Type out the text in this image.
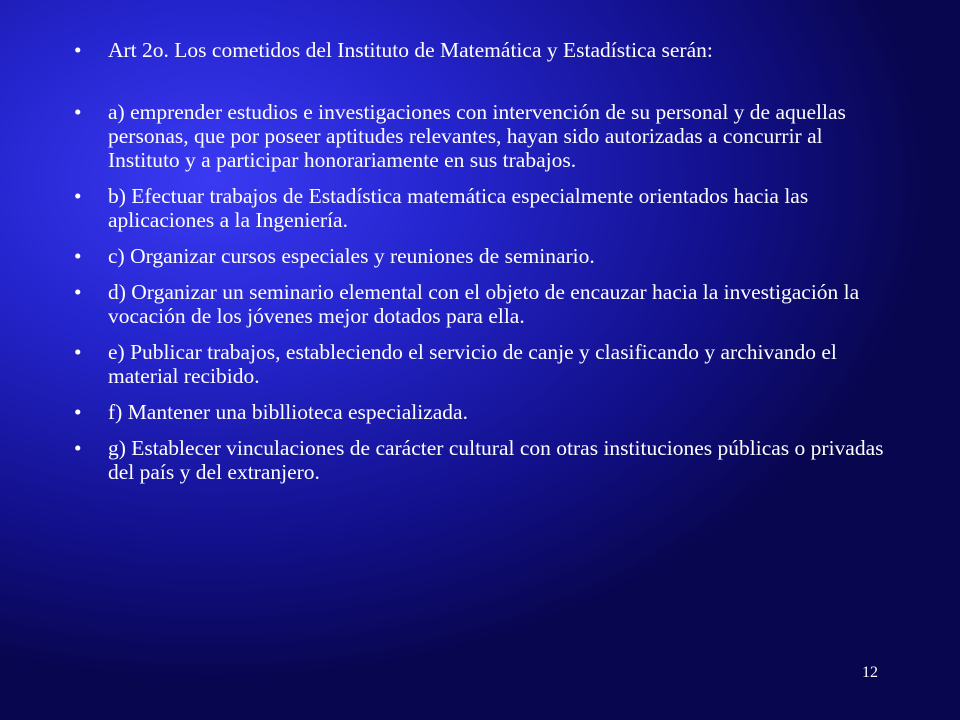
• Art 2o. Los cometidos del Instituto de Matemática y Estadística serán:
• a) emprender estudios e investigaciones con intervención de su personal y de aquellas personas, que por poseer aptitudes relevantes, hayan sido autorizadas a concurrir al Instituto y a participar honorariamente en sus trabajos.
• b) Efectuar trabajos de Estadística matemática especialmente orientados hacia las aplicaciones a la Ingeniería.
• c) Organizar cursos especiales y reuniones de seminario.
• d) Organizar un seminario elemental con el objeto de encauzar hacia la investigación la vocación de los jóvenes mejor dotados para ella.
• e) Publicar trabajos, estableciendo el servicio de canje y clasificando y archivando el material recibido.
• f) Mantener una bibllioteca especializada.
• g) Establecer vinculaciones de carácter cultural con otras instituciones públicas o privadas del país y del extranjero.
12
